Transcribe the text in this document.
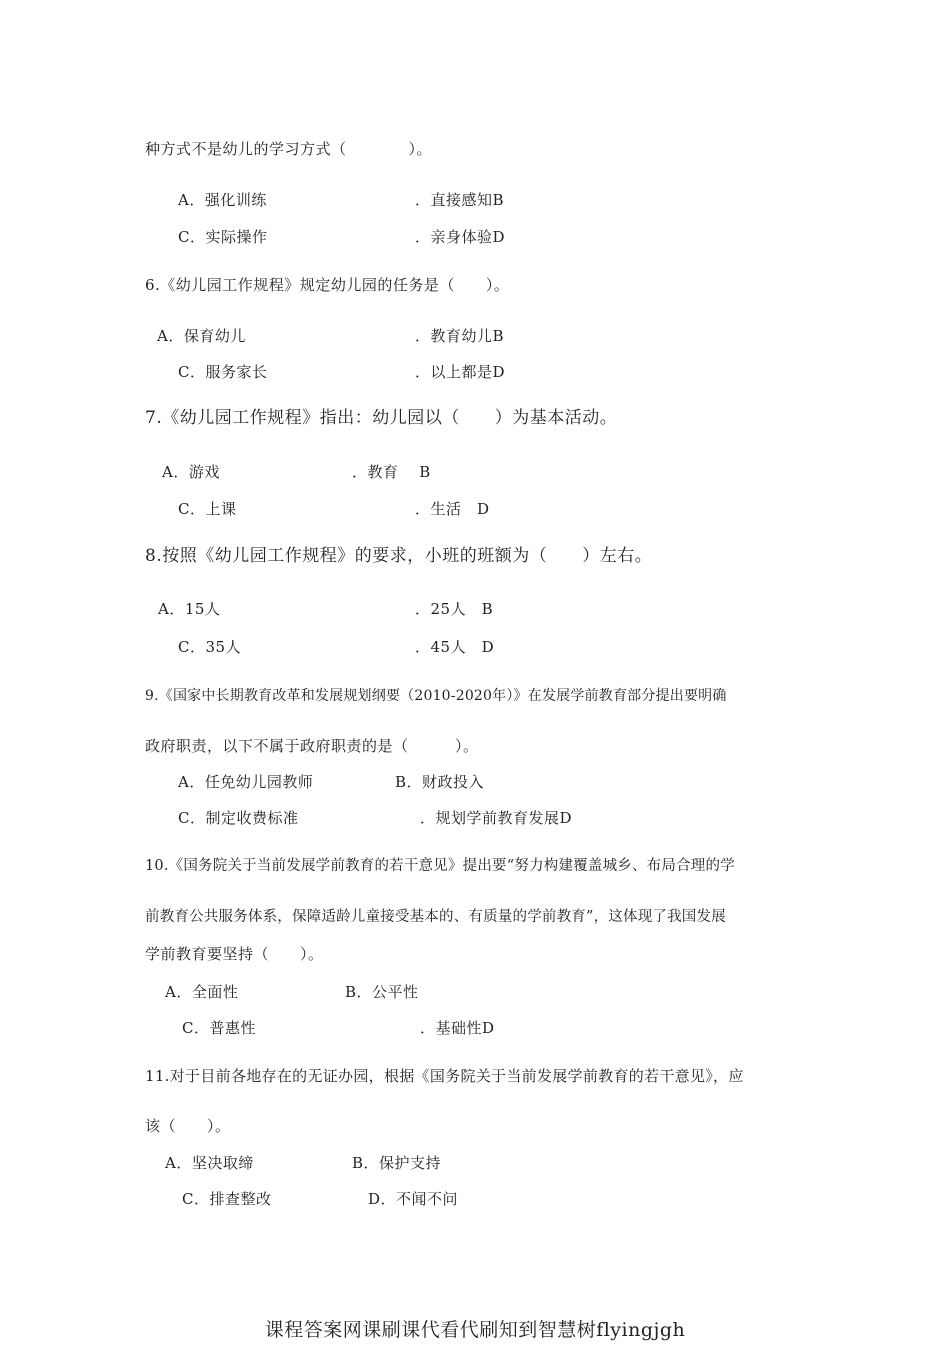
种方式不是幼儿的学习方式（　　　　）。
A．强化训练	．直接感知B
C．实际操作	．亲身体验D
6.《幼儿园工作规程》规定幼儿园的任务是（　　）。
A．保育幼儿	．教育幼儿B
C．服务家长	．以上都是D
7.《幼儿园工作规程》指出：幼儿园以（　　）为基本活动。
A．游戏	．教育　 B
C．上课	．生活　D
8.按照《幼儿园工作规程》的要求，小班的班额为（　　）左右。
A．15人	．25人　B
C．35人	．45人　D
9.《国家中长期教育改革和发展规划纲要（2010-2020年）》在发展学前教育部分提出要明确
政府职责，以下不属于政府职责的是（　　　）。
A．任免幼儿园教师	B．财政投入
C．制定收费标准	．规划学前教育发展D
10.《国务院关于当前发展学前教育的若干意见》提出要“努力构建覆盖城乡、布局合理的学
前教育公共服务体系，保障适龄儿童接受基本的、有质量的学前教育”，这体现了我国发展
学前教育要坚持（　　）。
A．全面性	B．公平性
C．普惠性	．基础性D
11.对于目前各地存在的无证办园，根据《国务院关于当前发展学前教育的若干意见》，应
该（　　）。
A．坚决取缔	B．保护支持
C．排查整改	D．不闻不问
课程答案网课刷课代看代刷知到智慧树flyingjgh
